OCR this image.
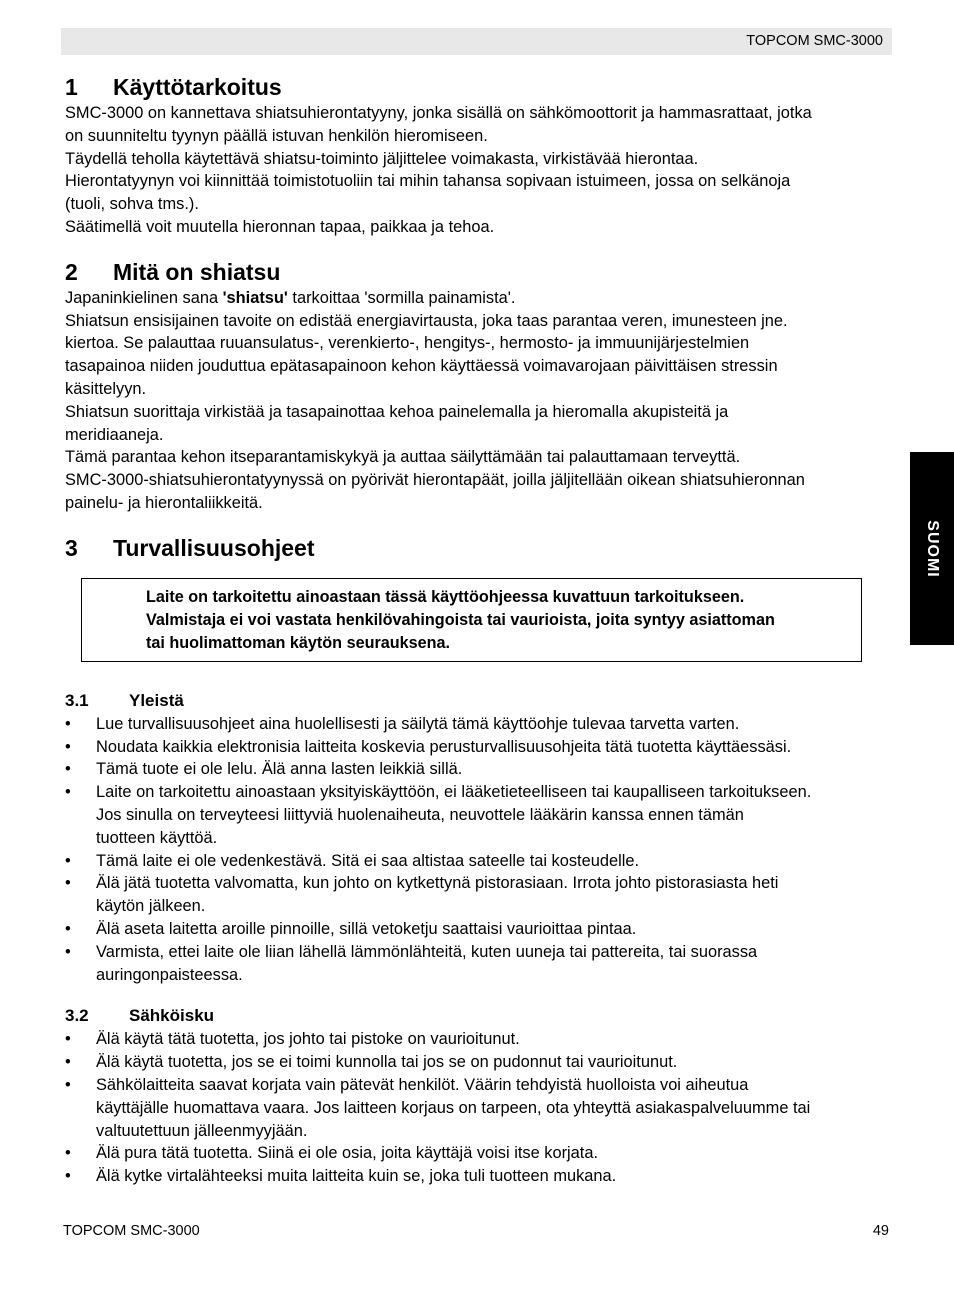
TOPCOM SMC-3000
SUOMI
1	Käyttötarkoitus

SMC-3000 on kannettava shiatsuhierontatyyny, jonka sisällä on sähkömoottorit ja hammasrattaat, jotka

on suunniteltu tyynyn päällä istuvan henkilön hieromiseen.

Täydellä teholla käytettävä shiatsu-toiminto jäljittelee voimakasta, virkistävää hierontaa.

Hierontatyynyn voi kiinnittää toimistotuoliin tai mihin tahansa sopivaan istuimeen, jossa on selkänoja

(tuoli, sohva tms.).

Säätimellä voit muutella hieronnan tapaa, paikkaa ja tehoa.

2	Mitä on shiatsu

Japaninkielinen sana 'shiatsu' tarkoittaa 'sormilla painamista'.

Shiatsun ensisijainen tavoite on edistää energiavirtausta, joka taas parantaa veren, imunesteen jne.

kiertoa. Se palauttaa ruuansulatus-, verenkierto-, hengitys-, hermosto- ja immuunijärjestelmien

tasapainoa niiden jouduttua epätasapainoon kehon käyttäessä voimavarojaan päivittäisen stressin

käsittelyyn.

Shiatsun suorittaja virkistää ja tasapainottaa kehoa painelemalla ja hieromalla akupisteitä ja

meridiaaneja.

Tämä parantaa kehon itseparantamiskykyä ja auttaa säilyttämään tai palauttamaan terveyttä.

SMC-3000-shiatsuhierontatyynyssä on pyörivät hierontapäät, joilla jäljitellään oikean shiatsuhieronnan

painelu- ja hierontaliikkeitä.

3	Turvallisuusohjeet
3.1	Yleistä
• Lue turvallisuusohjeet aina huolellisesti ja säilytä tämä käyttöohje tulevaa tarvetta varten.
• Noudata kaikkia elektronisia laitteita koskevia perusturvallisuusohjeita tätä tuotetta käyttäessäsi.
• Tämä tuote ei ole lelu. Älä anna lasten leikkiä sillä.
• Laite on tarkoitettu ainoastaan yksityiskäyttöön, ei lääketieteelliseen tai kaupalliseen tarkoitukseen.
Jos sinulla on terveyteesi liittyviä huolenaiheuta, neuvottele lääkärin kanssa ennen tämän
tuotteen käyttöä.
• Tämä laite ei ole vedenkestävä. Sitä ei saa altistaa sateelle tai kosteudelle.
• Älä jätä tuotetta valvomatta, kun johto on kytkettynä pistorasiaan. Irrota johto pistorasiasta heti
käytön jälkeen.
• Älä aseta laitetta aroille pinnoille, sillä vetoketju saattaisi vaurioittaa pintaa.
• Varmista, ettei laite ole liian lähellä lämmönlähteitä, kuten uuneja tai pattereita, tai suorassa
auringonpaisteessa.
3.2	Sähköisku
• Älä käytä tätä tuotetta, jos johto tai pistoke on vaurioitunut.
• Älä käytä tuotetta, jos se ei toimi kunnolla tai jos se on pudonnut tai vaurioitunut.
• Sähkölaitteita saavat korjata vain pätevät henkilöt. Väärin tehdyistä huolloista voi aiheutua
käyttäjälle huomattava vaara. Jos laitteen korjaus on tarpeen, ota yhteyttä asiakaspalveluumme tai
valtuutettuun jälleenmyyjään.
• Älä pura tätä tuotetta. Siinä ei ole osia, joita käyttäjä voisi itse korjata.
• Älä kytke virtalähteeksi muita laitteita kuin se, joka tuli tuotteen mukana.
Laite on tarkoitettu ainoastaan tässä käyttöohjeessa kuvattuun tarkoitukseen.
Valmistaja ei voi vastata henkilövahingoista tai vaurioista, joita syntyy asiattoman
tai huolimattoman käytön seurauksena.
TOPCOM SMC-3000	49
